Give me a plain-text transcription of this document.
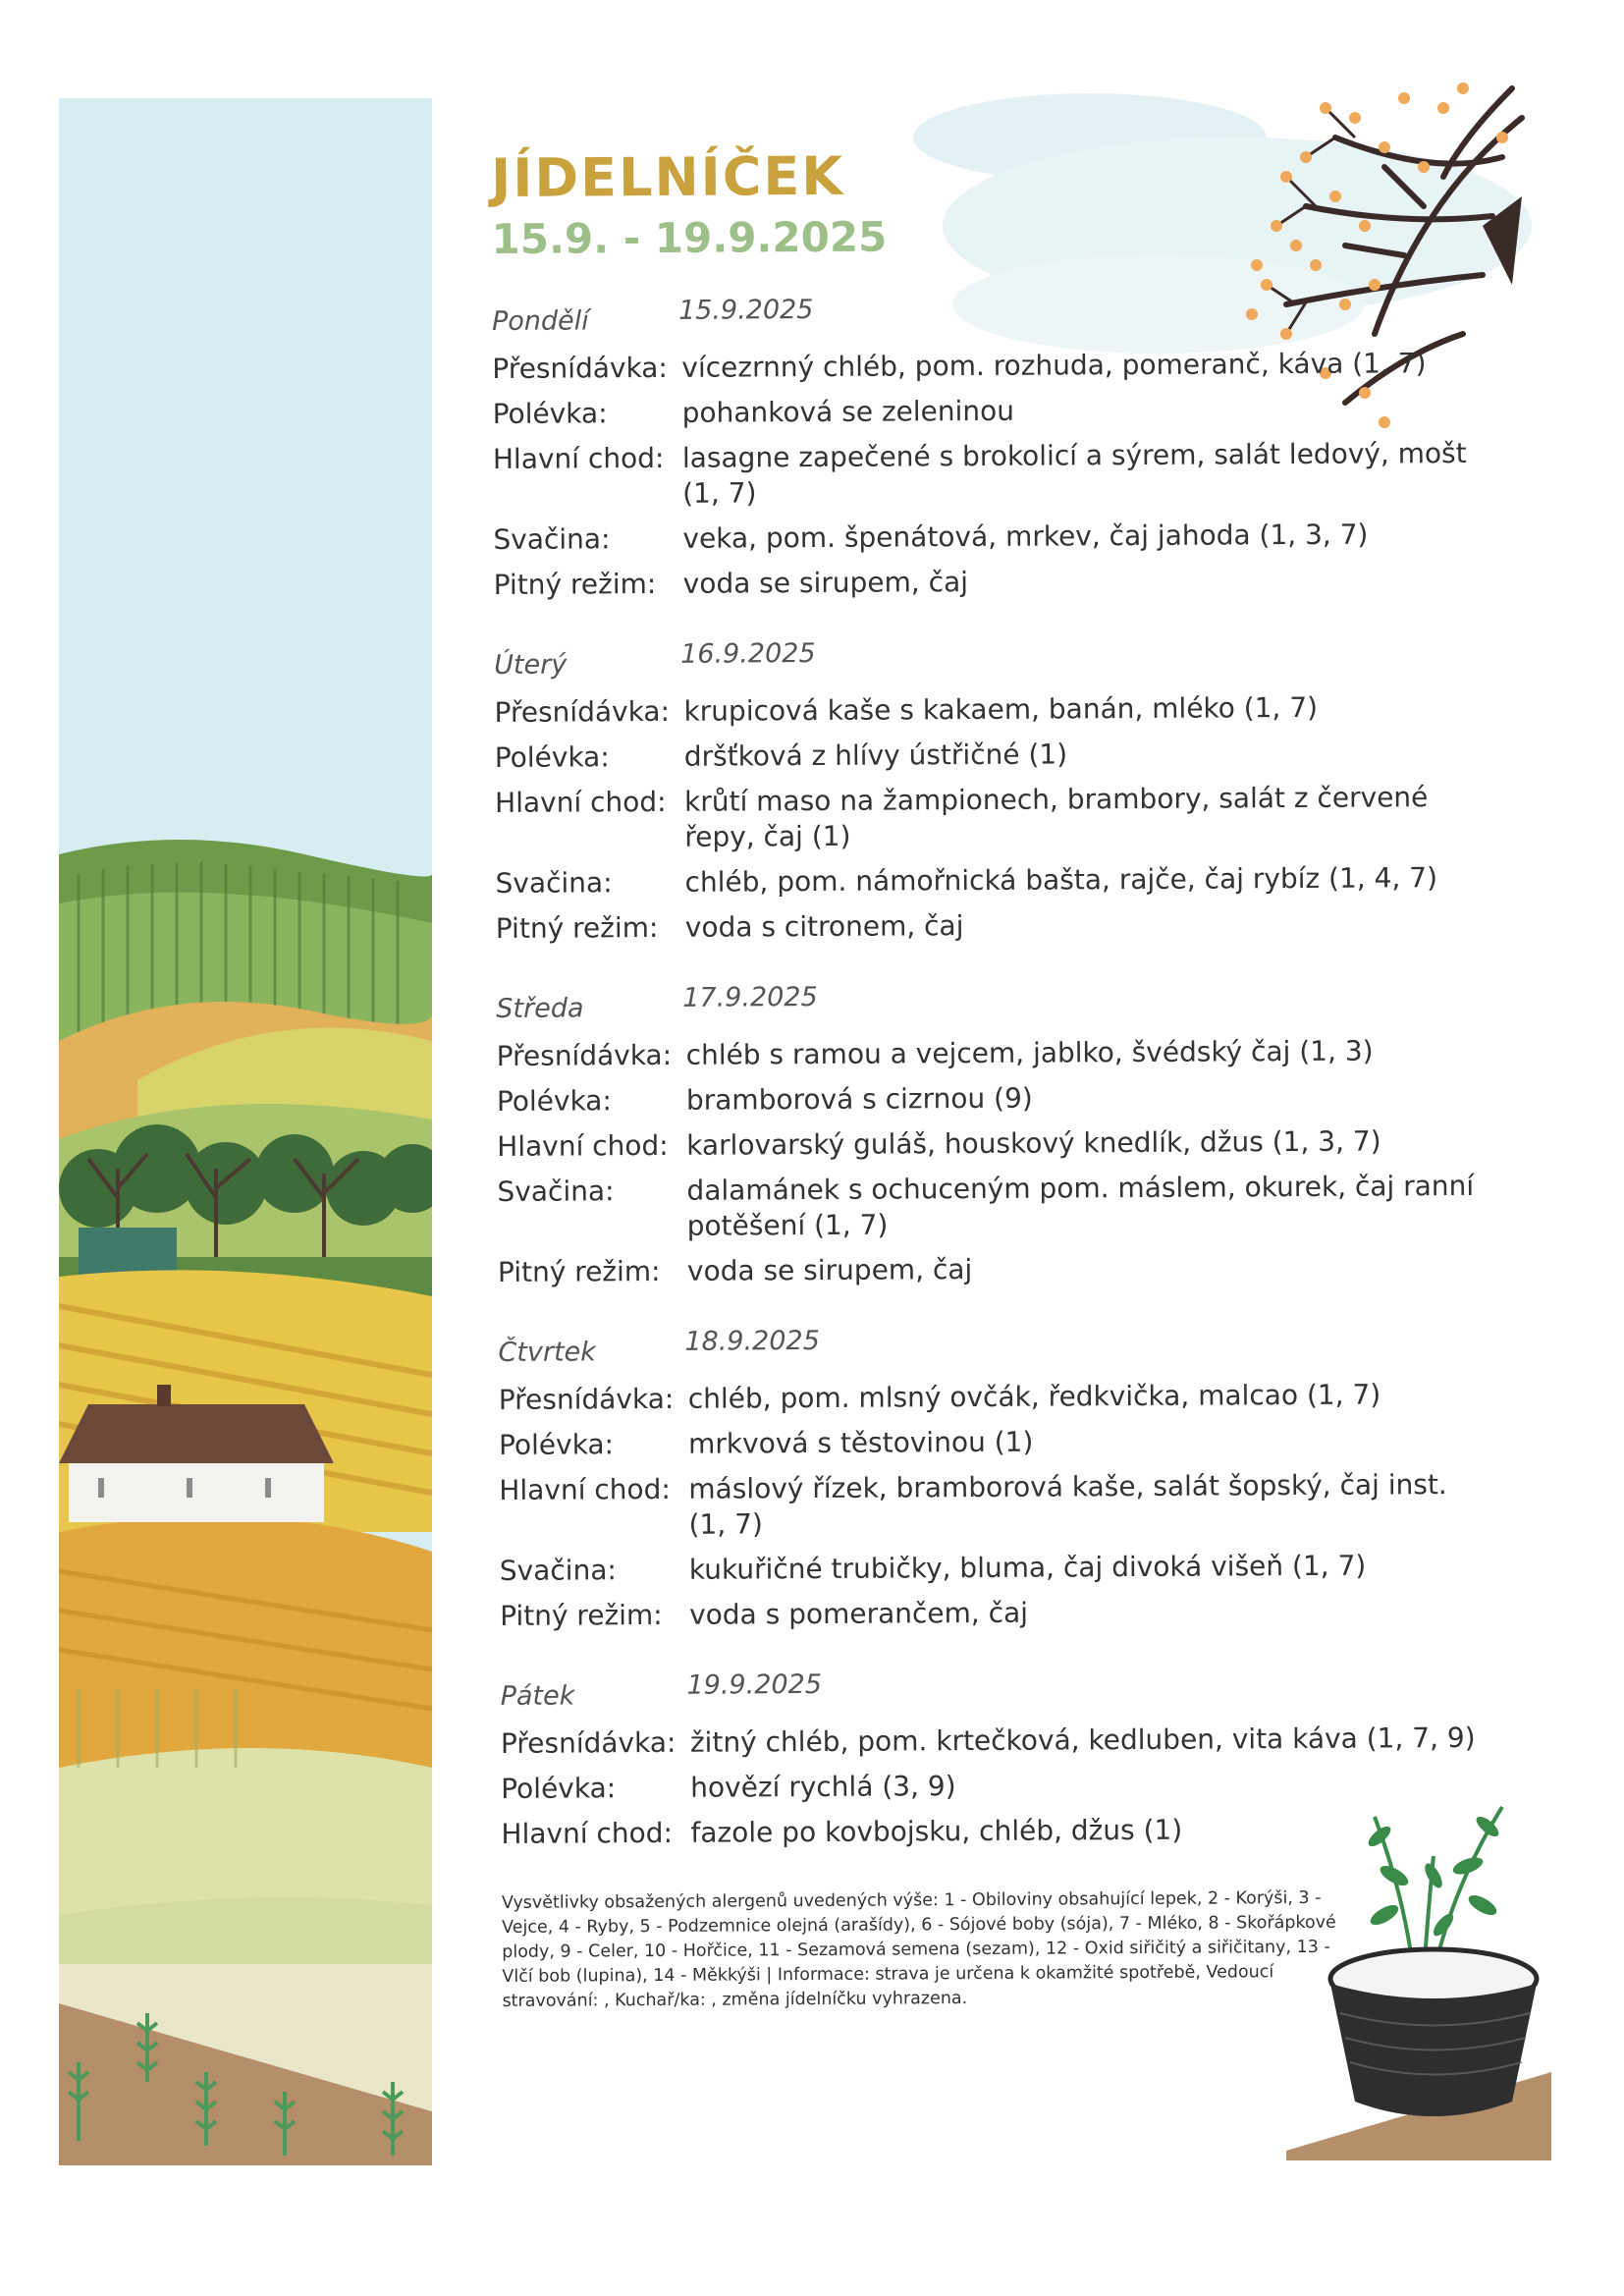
JÍDELNÍČEK
15.9. - 19.9.2025
Pondělí	15.9.2025
Přesnídávka: vícezrnný chléb, pom. rozhuda, pomeranč, káva (1, 7)
Polévka:	pohanková se zeleninou
Hlavní chod: lasagne zapečené s brokolicí a sýrem, salát ledový, mošt (1, 7)
Svačina:	veka, pom. špenátová, mrkev, čaj jahoda (1, 3, 7)
Pitný režim: voda se sirupem, čaj
Úterý	16.9.2025
Přesnídávka: krupicová kaše s kakaem, banán, mléko (1, 7)
Polévka:	dršťková z hlívy ústřičné (1)
Hlavní chod: krůtí maso na žampionech, brambory, salát z červené řepy, čaj (1)
Svačina:	chléb, pom. námořnická bašta, rajče, čaj rybíz (1, 4, 7)
Pitný režim: voda s citronem, čaj
Středa	17.9.2025
Přesnídávka: chléb s ramou a vejcem, jablko, švédský čaj (1, 3)
Polévka:	bramborová s cizrnou (9)
Hlavní chod: karlovarský guláš, houskový knedlík, džus (1, 3, 7)
Svačina:	dalamánek s ochuceným pom. máslem, okurek, čaj ranní potěšení (1, 7)
Pitný režim: voda se sirupem, čaj
Čtvrtek	18.9.2025
Přesnídávka: chléb, pom. mlsný ovčák, ředkvička, malcao (1, 7)
Polévka:	mrkvová s těstovinou (1)
Hlavní chod: máslový řízek, bramborová kaše, salát šopský, čaj inst. (1, 7)
Svačina:	kukuřičné trubičky, bluma, čaj divoká višeň (1, 7)
Pitný režim: voda s pomerančem, čaj
Pátek	19.9.2025
Přesnídávka: žitný chléb, pom. krtečková, kedluben, vita káva (1, 7, 9)
Polévka:	hovězí rychlá (3, 9)
Hlavní chod: fazole po kovbojsku, chléb, džus (1)
Vysvětlivky obsažených alergenů uvedených výše: 1 - Obiloviny obsahující lepek, 2 - Korýši, 3 - Vejce, 4 - Ryby, 5 - Podzemnice olejná (arašídy), 6 - Sójové boby (sója), 7 - Mléko, 8 - Skořápkové plody, 9 - Celer, 10 - Hořčice, 11 - Sezamová semena (sezam), 12 - Oxid siřičitý a siřičitany, 13 - Vlčí bob (lupina), 14 - Měkkýši | Informace: strava je určena k okamžité spotřebě, Vedoucí stravování: , Kuchař/ka: , změna jídelníčku vyhrazena.
